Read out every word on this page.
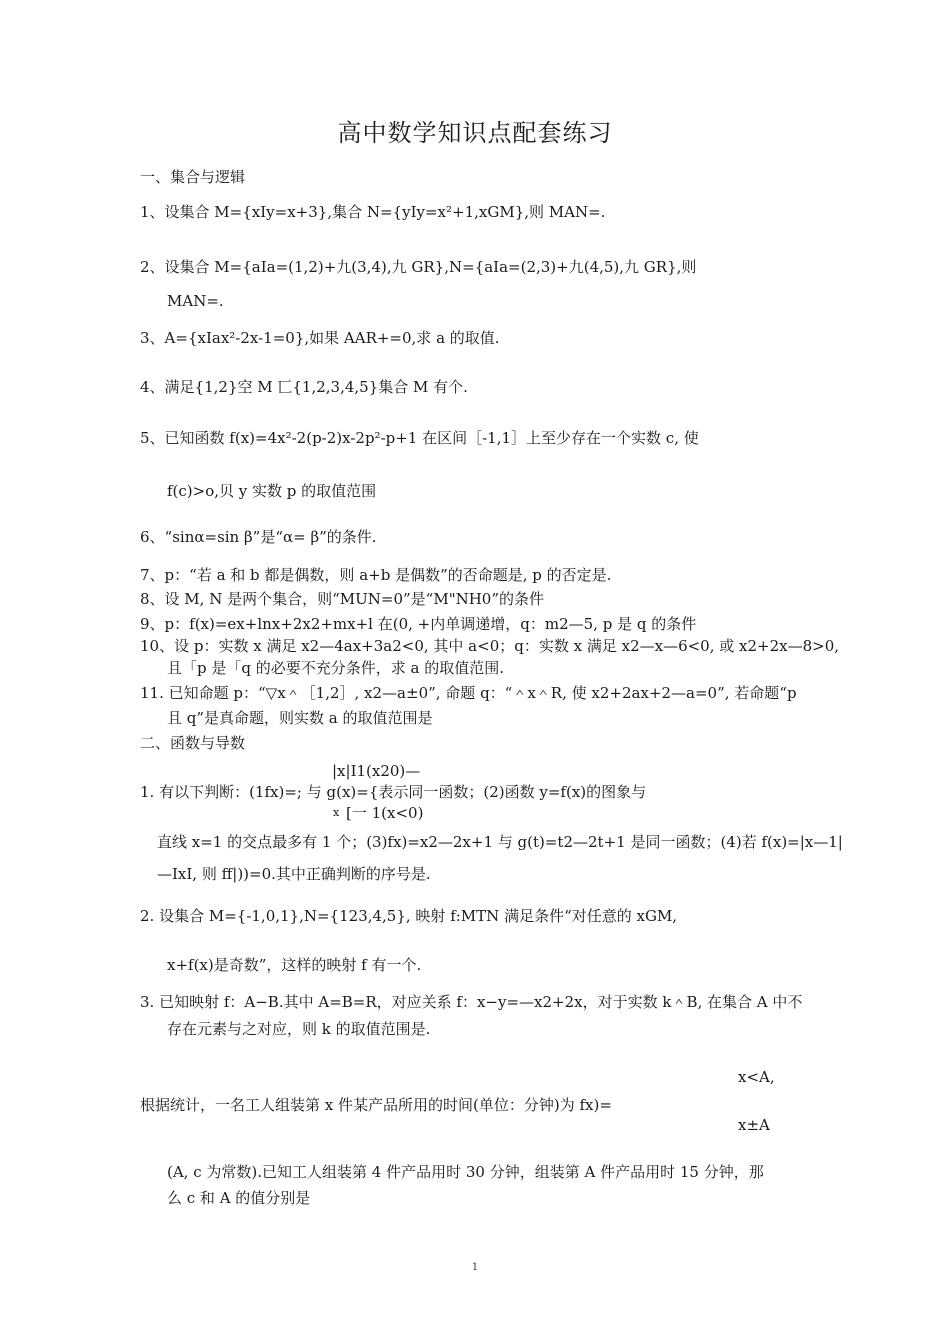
高中数学知识点配套练习
一、集合与逻辑
1、设集合 M={xIy=x+3},集合 N={yIy=x²+1,xGM},则 MAN=.
2、设集合 M={aIa=(1,2)+九(3,4),九 GR},N={aIa=(2,3)+九(4,5),九 GR},则
MAN=.
3、A={xIax²-2x-1=0},如果 AAR+=0,求 a 的取值.
4、满足{1,2}空 M 匸{1,2,3,4,5}集合 M 有个.
5、已知函数 f(x)=4x²-2(p-2)x-2p²-p+1 在区间［-1,1］上至少存在一个实数 c, 使
f(c)>o,贝 y 实数 p 的取值范围
6、“sinα=sin β”是“α= β”的条件.
7、p：“若 a 和 b 都是偶数，则 a+b 是偶数”的否命题是, p 的否定是.
8、设 M, N 是两个集合，则“MUN=0”是“M"NH0”的条件
9、p：f(x)=ex+lnx+2x2+mx+l 在(0, +内单调递增，q：m2—5, p 是 q 的条件
10、设 p：实数 x 满足 x2—4ax+3a2<0, 其中 a<0；q：实数 x 满足 x2—x—6<0, 或 x2+2x—8>0,
且「p 是「q 的必要不充分条件，求 a 的取值范围.
11. 已知命题 p：“▽x＾［1,2］, x2—a±0”, 命题 q：“＾x＾R, 使 x2+2ax+2—a=0”, 若命题“p
且 q”是真命题，则实数 a 的取值范围是
二、函数与导数
|x|I1(x20)—
1. 有以下判断：(1fx)=; 与 g(x)={表示同一函数；(2)函数 y=f(x)的图象与
x [一 1(x<0)
直线 x=1 的交点最多有 1 个；(3)fx)=x2—2x+1 与 g(t)=t2—2t+1 是同一函数；(4)若 f(x)=|x—1|
—IxI, 则 ff|))=0.其中正确判断的序号是.
2. 设集合 M={-1,0,1},N={123,4,5}, 映射 f:MTN 满足条件“对任意的 xGM,
x+f(x)是奇数”，这样的映射 f 有一个.
3. 已知映射 f：A−B.其中 A=B=R，对应关系 f：x−y=—x2+2x，对于实数 k＾B, 在集合 A 中不
存在元素与之对应，则 k 的取值范围是.
x<A,
根据统计，一名工人组装第 x 件某产品所用的时间(单位：分钟)为 fx)=
x±A
(A, c 为常数).已知工人组装第 4 件产品用时 30 分钟，组装第 A 件产品用时 15 分钟，那
么 c 和 A 的值分别是
1
